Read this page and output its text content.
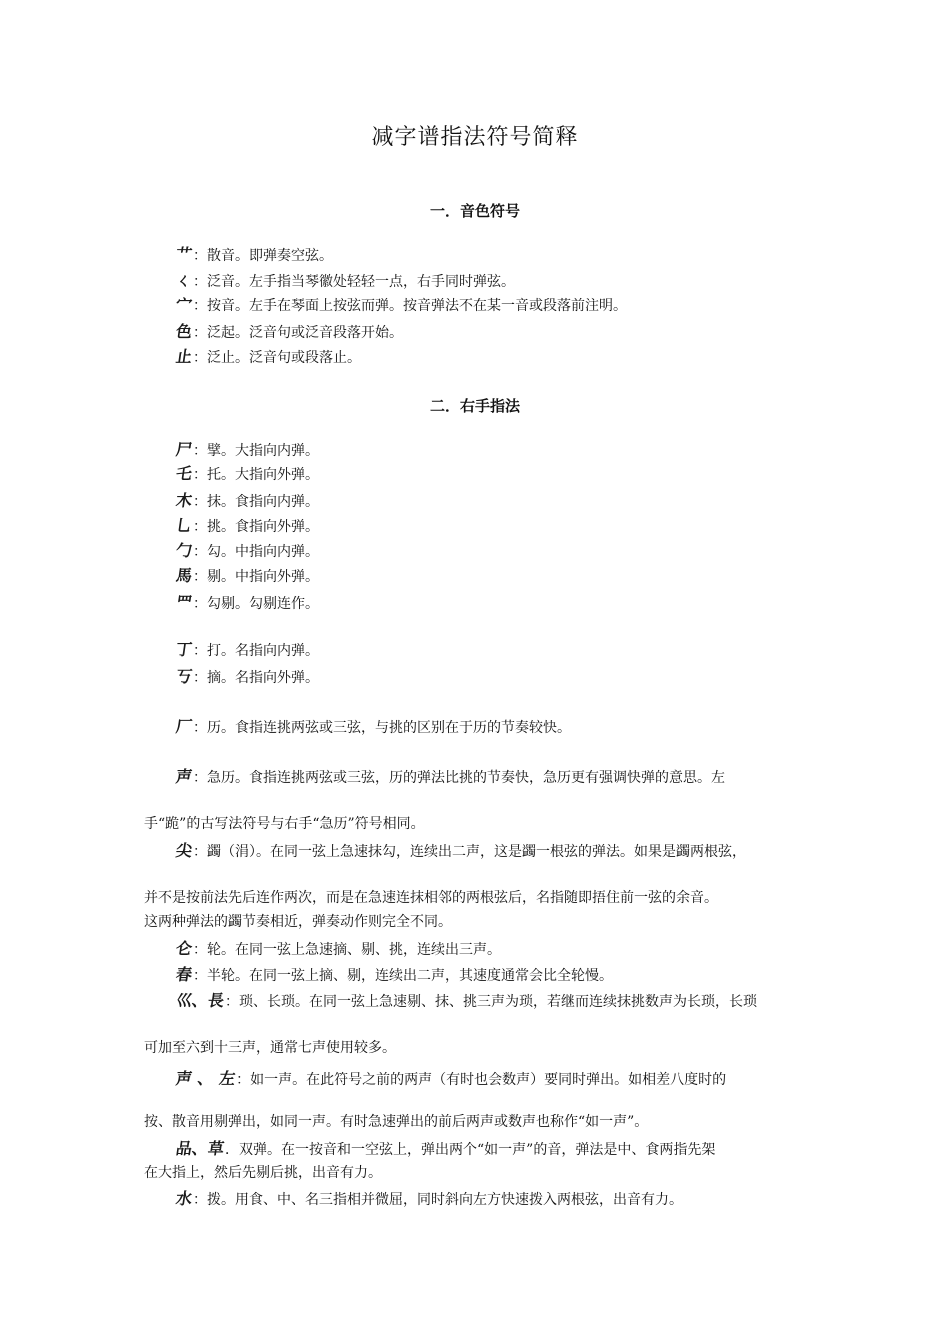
减字谱指法符号简释
一．音色符号
艹：散音。即弹奏空弦。
ㄑ：泛音。左手指当琴徽处轻轻一点，右手同时弹弦。
宀：按音。左手在琴面上按弦而弹。按音弹法不在某一音或段落前注明。
色：泛起。泛音句或泛音段落开始。
止：泛止。泛音句或段落止。
二．右手指法
尸：擘。大指向内弹。
乇：托。大指向外弹。
木：抹。食指向内弹。
乚：挑。食指向外弹。
勹：勾。中指向内弹。
馬：剔。中指向外弹。
罒：勾剔。勾剔连作。
丁：打。名指向内弹。
丂：摘。名指向外弹。
厂：历。食指连挑两弦或三弦，与挑的区别在于历的节奏较快。
声：急历。食指连挑两弦或三弦，历的弹法比挑的节奏快，急历更有强调快弹的意思。左
手“跪”的古写法符号与右手“急历”符号相同。
尖：蠲（涓）。在同一弦上急速抹勾，连续出二声，这是蠲一根弦的弹法。如果是蠲两根弦，
并不是按前法先后连作两次，而是在急速连抹相邻的两根弦后，名指随即捂住前一弦的余音。
这两种弹法的蠲节奏相近，弹奏动作则完全不同。
仑：轮。在同一弦上急速摘、剔、挑，连续出三声。
春：半轮。在同一弦上摘、剔，连续出二声，其速度通常会比全轮慢。
巛、長：琐、长琐。在同一弦上急速剔、抹、挑三声为琐，若继而连续抹挑数声为长琐，长琐
可加至六到十三声，通常七声使用较多。
声 、 左：如一声。在此符号之前的两声（有时也会数声）要同时弹出。如相差八度时的
按、散音用剔弹出，如同一声。有时急速弹出的前后两声或数声也称作“如一声”。
品、草．双弹。在一按音和一空弦上，弹出两个“如一声”的音，弹法是中、食两指先架
在大指上，然后先剔后挑，出音有力。
水：拨。用食、中、名三指相并微屈，同时斜向左方快速拨入两根弦，出音有力。
